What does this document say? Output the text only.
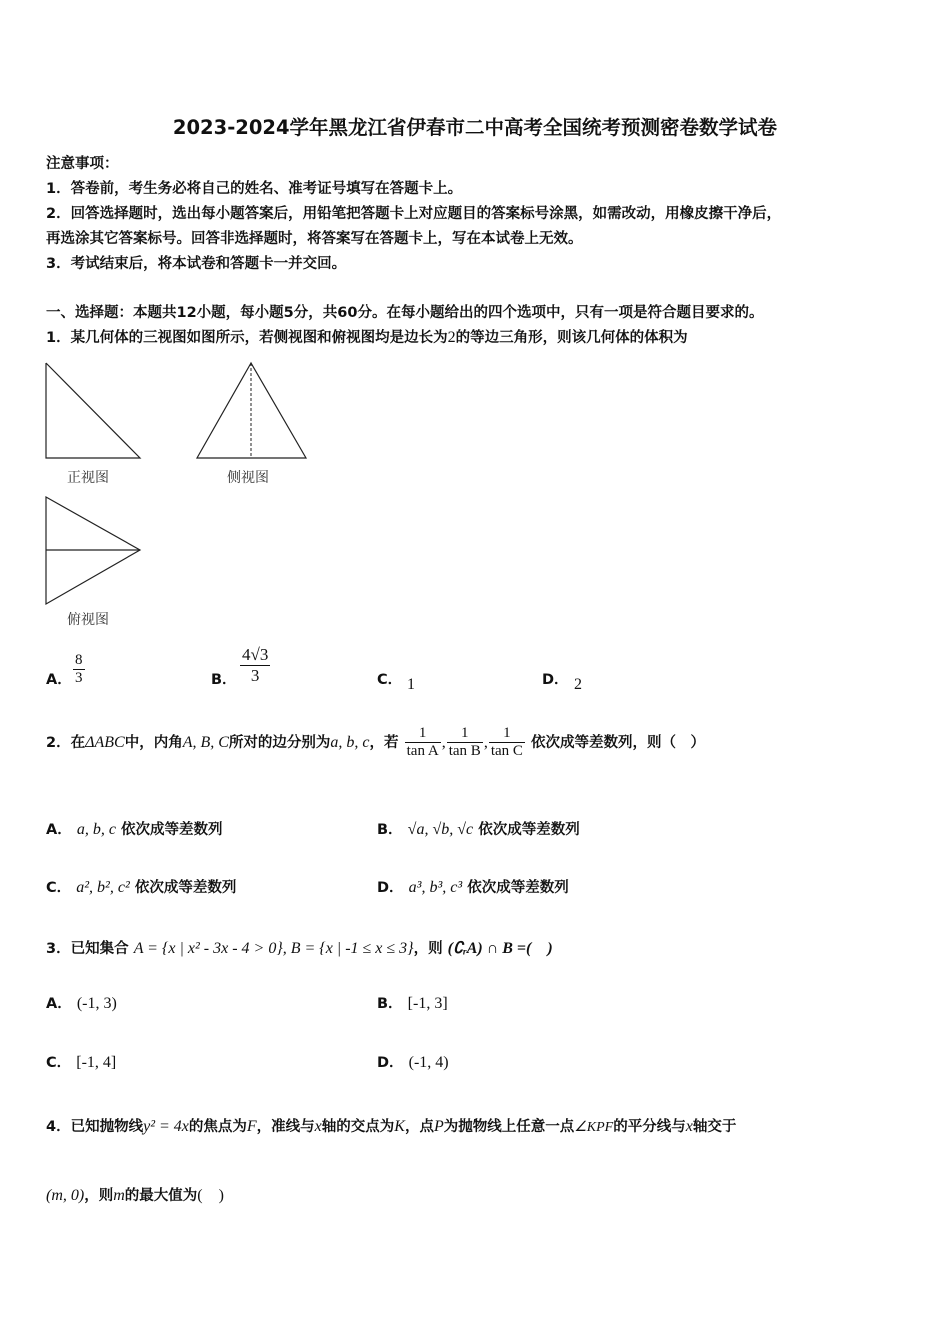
2023-2024学年黑龙江省伊春市二中高考全国统考预测密卷数学试卷
注意事项：
1．答卷前，考生务必将自己的姓名、准考证号填写在答题卡上。
2．回答选择题时，选出每小题答案后，用铅笔把答题卡上对应题目的答案标号涂黑，如需改动，用橡皮擦干净后，
再选涂其它答案标号。回答非选择题时，将答案写在答题卡上，写在本试卷上无效。
3．考试结束后，将本试卷和答题卡一并交回。
一、选择题：本题共12小题，每小题5分，共60分。在每小题给出的四个选项中，只有一项是符合题目要求的。
1．某几何体的三视图如图所示，若侧视图和俯视图均是边长为2的等边三角形，则该几何体的体积为
正视图	侧视图
俯视图
A． $\frac{8}{3}$	B． $\frac{4√3}{3}$	C． 1	D． 2
2．在ΔABC中，内角A, B, C所对的边分别为a, b, c，若 $\frac{1}{\text{tan A}}$ , $\frac{1}{\text{tan B}}$ , $\frac{1}{\text{tan C}}$ 依次成等差数列，则（　）
A． a, b, c 依次成等差数列	B． √a, √b, √c 依次成等差数列
C． a², b², c² 依次成等差数列	D． a³, b³, c³ 依次成等差数列
3．已知集合 A = {x | x² - 3x - 4 > 0}, B = {x | -1 ≤ x ≤ 3}，则 (∁ᵣA) ∩ B =(　)
A． (-1, 3)	B． [-1, 3]
C． [-1, 4]	D． (-1, 4)
4．已知抛物线y² = 4x的焦点为F，准线与x轴的交点为K，点P为抛物线上任意一点∠KPF的平分线与x轴交于
(m, 0)，则m的最大值为(　)
